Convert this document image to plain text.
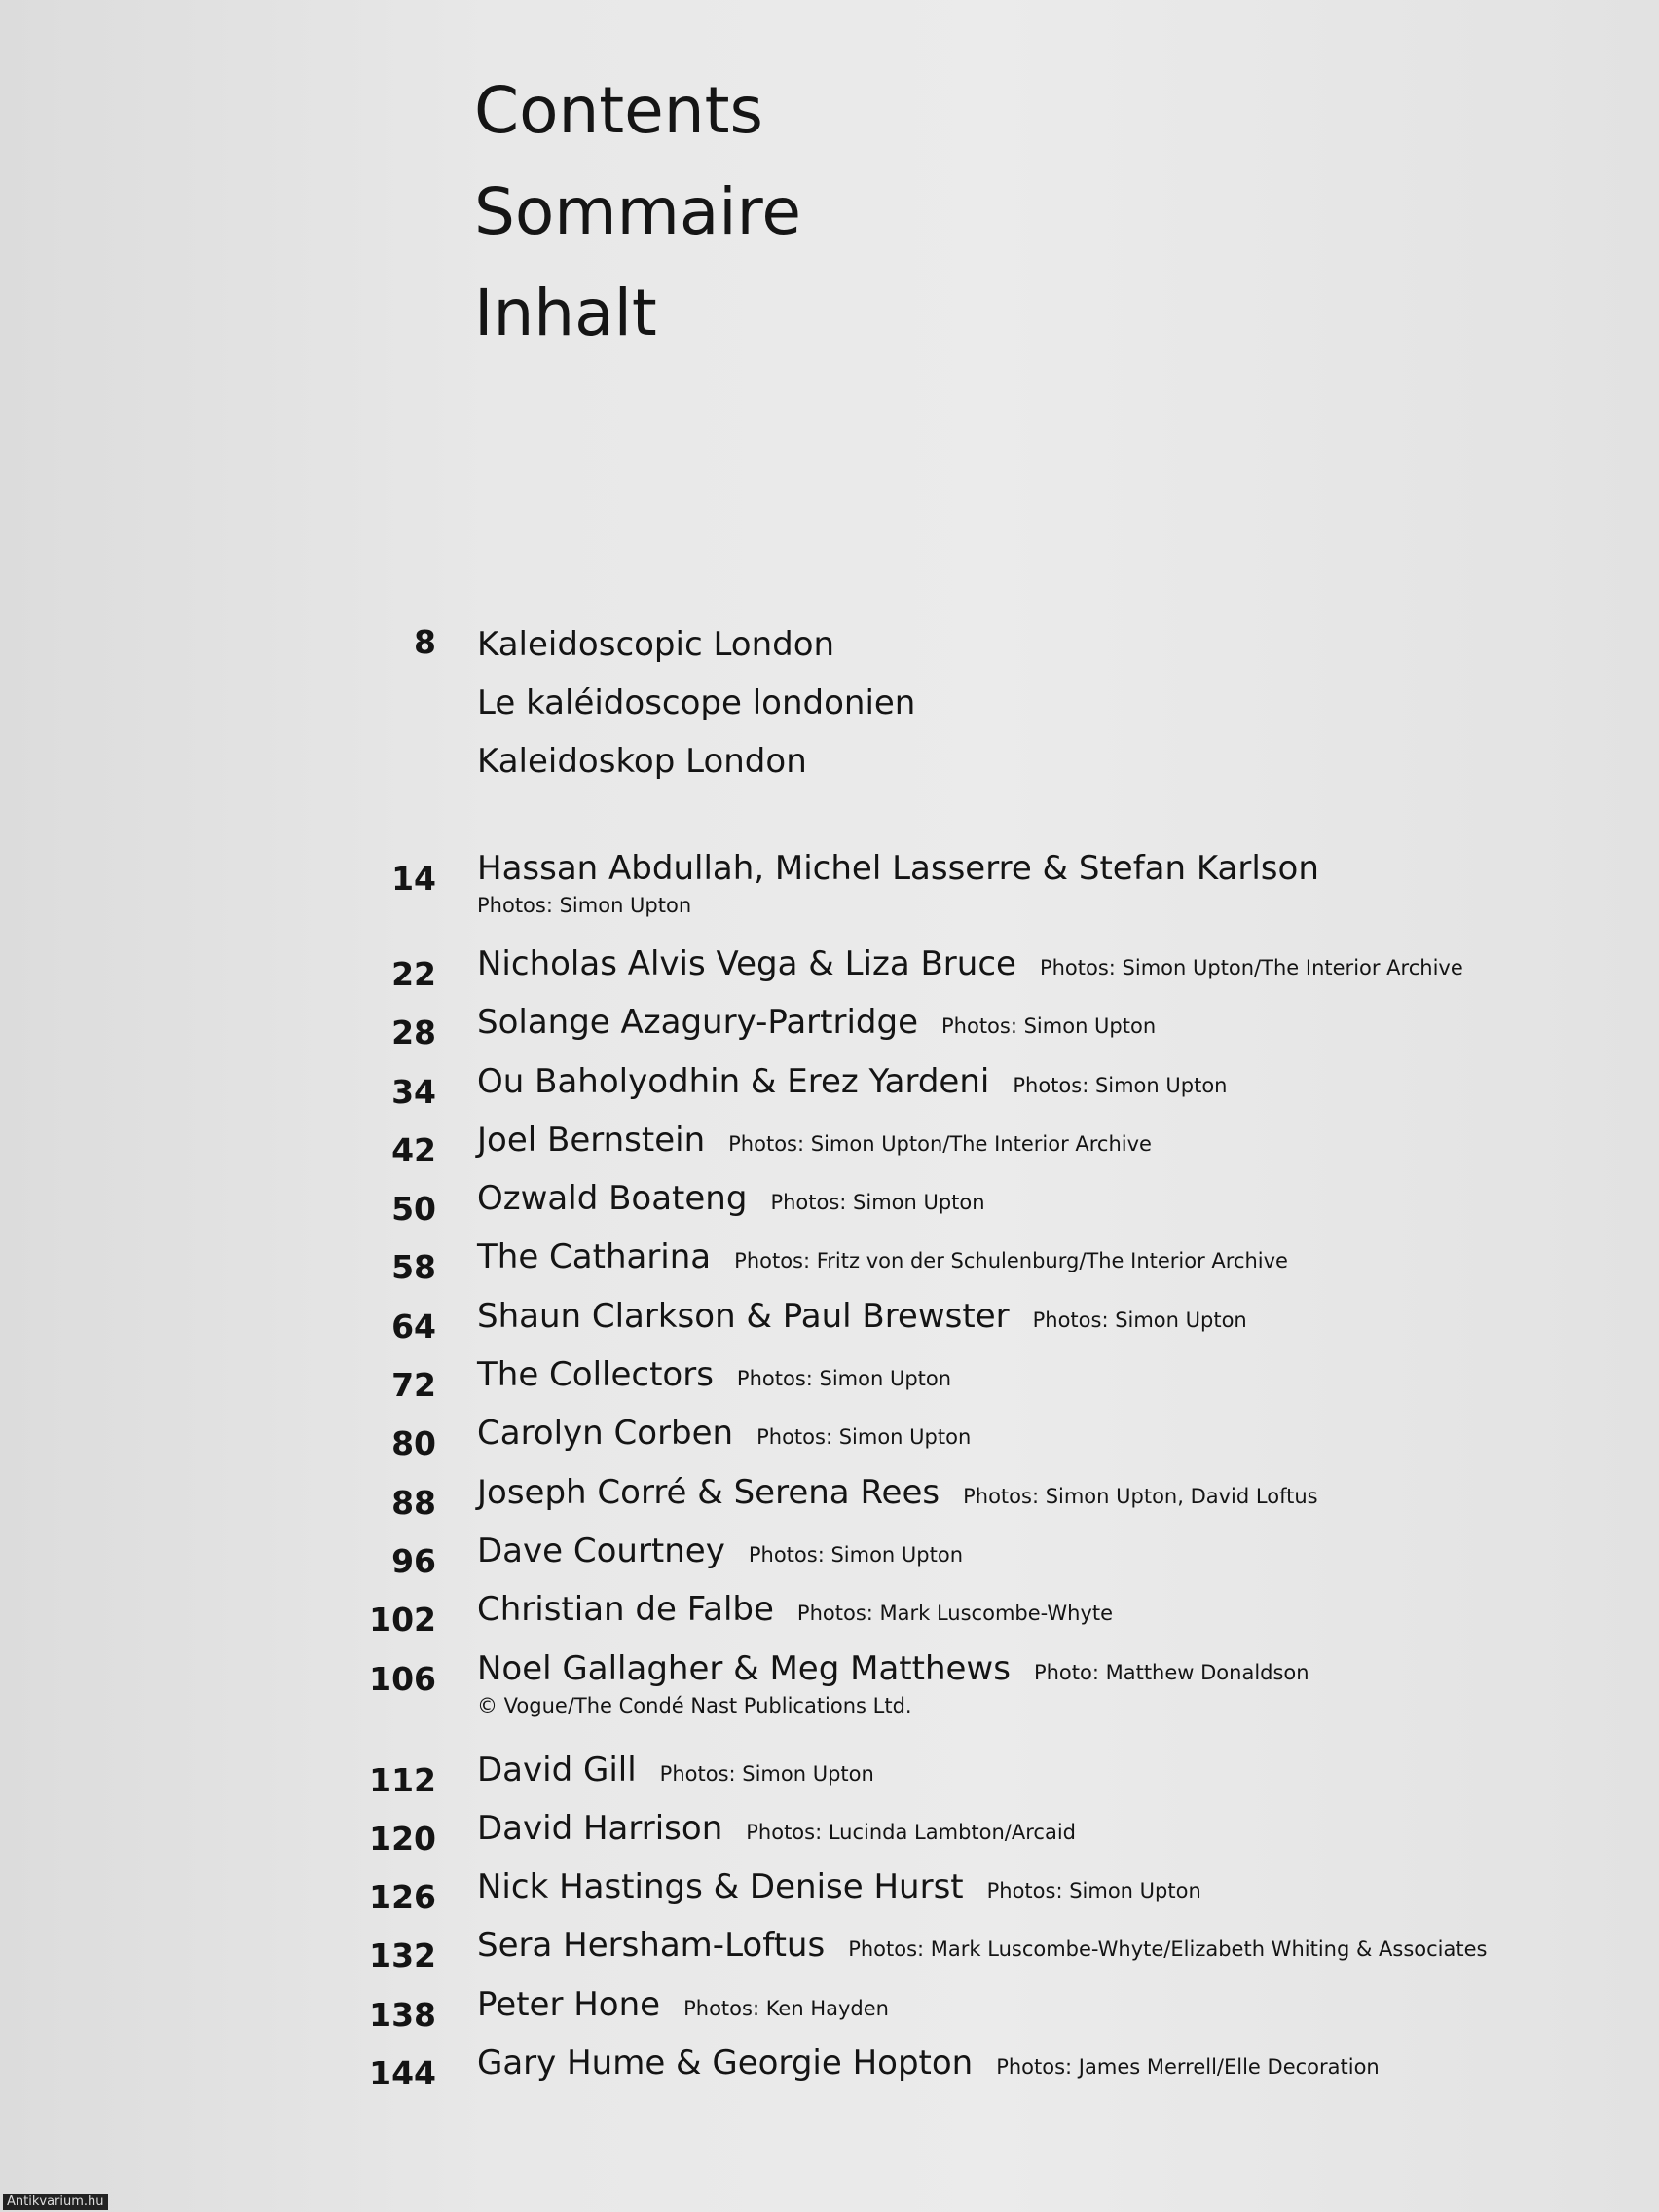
Contents
Sommaire
Inhalt
8 Kaleidoscopic London
Le kaléidoscope londonien
Kaleidoskop London
14 Hassan Abdullah, Michel Lasserre & Stefan Karlson
Photos: Simon Upton
22 Nicholas Alvis Vega & Liza Bruce Photos: Simon Upton/The Interior Archive
28 Solange Azagury-Partridge Photos: Simon Upton
34 Ou Baholyodhin & Erez Yardeni Photos: Simon Upton
42 Joel Bernstein Photos: Simon Upton/The Interior Archive
50 Ozwald Boateng Photos: Simon Upton
58 The Catharina Photos: Fritz von der Schulenburg/The Interior Archive
64 Shaun Clarkson & Paul Brewster Photos: Simon Upton
72 The Collectors Photos: Simon Upton
80 Carolyn Corben Photos: Simon Upton
88 Joseph Corré & Serena Rees Photos: Simon Upton, David Loftus
96 Dave Courtney Photos: Simon Upton
102 Christian de Falbe Photos: Mark Luscombe-Whyte
106 Noel Gallagher & Meg Matthews Photo: Matthew Donaldson
© Vogue/The Condé Nast Publications Ltd.
112 David Gill Photos: Simon Upton
120 David Harrison Photos: Lucinda Lambton/Arcaid
126 Nick Hastings & Denise Hurst Photos: Simon Upton
132 Sera Hersham-Loftus Photos: Mark Luscombe-Whyte/Elizabeth Whiting & Associates
138 Peter Hone Photos: Ken Hayden
144 Gary Hume & Georgie Hopton Photos: James Merrell/Elle Decoration
Antikvarium.hu
